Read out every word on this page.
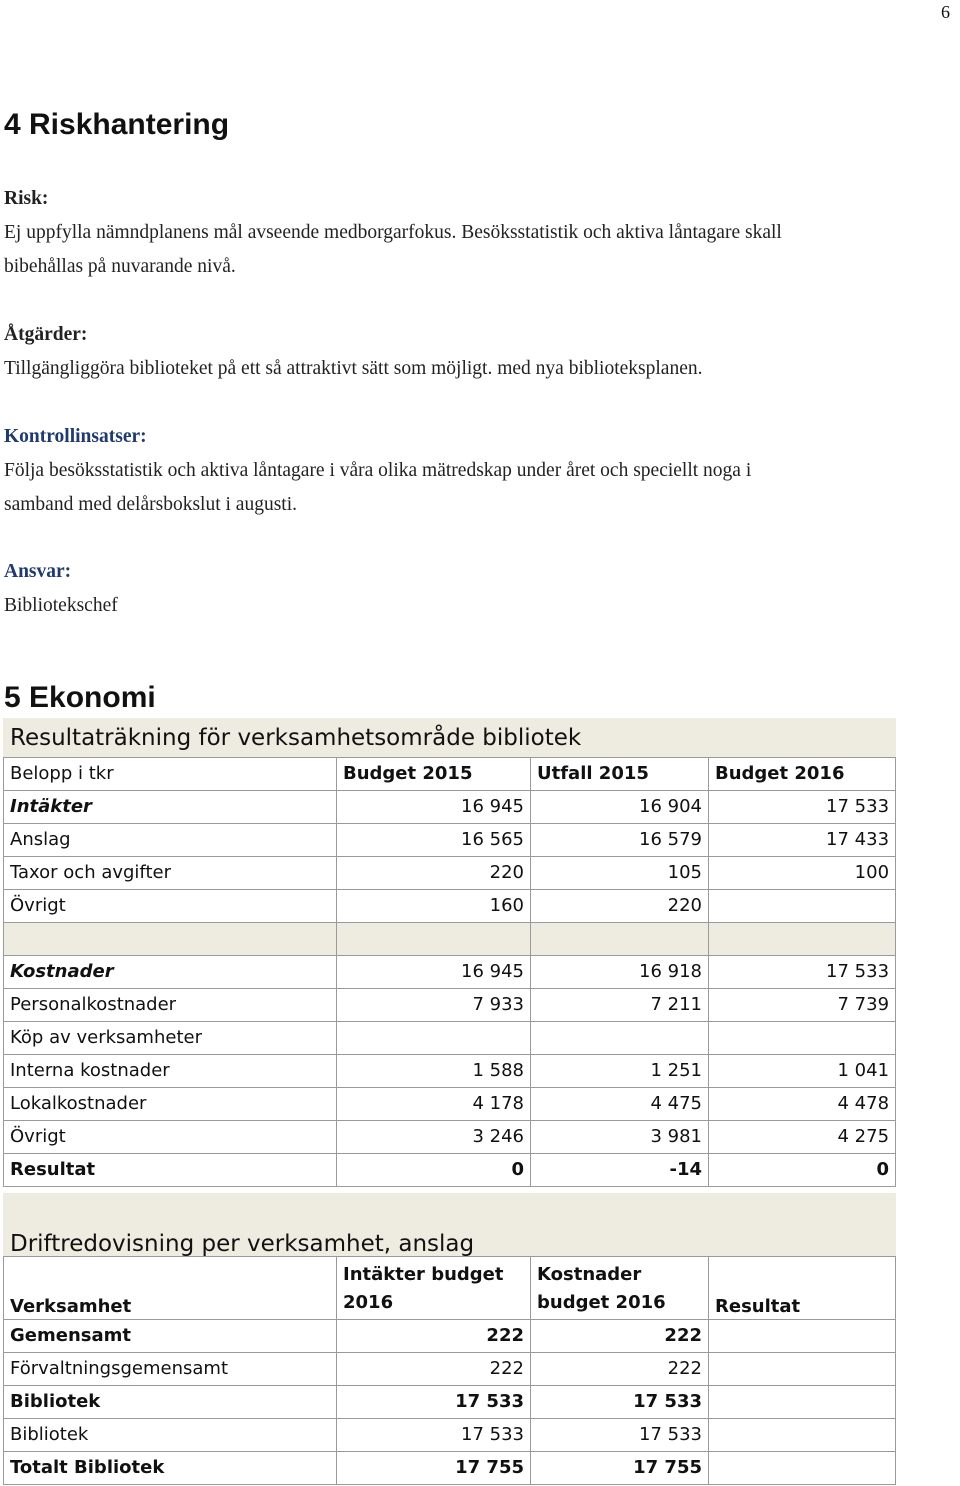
6
4 Riskhantering
Risk:
Ej uppfylla nämndplanens mål avseende medborgarfokus. Besöksstatistik och aktiva låntagare skall
bibehållas på nuvarande nivå.
Åtgärder:
Tillgängliggöra biblioteket på ett så attraktivt sätt som möjligt. med nya biblioteksplanen.
Kontrollinsatser:
Följa besöksstatistik och aktiva låntagare i våra olika mätredskap under året och speciellt noga i
samband med delårsbokslut i augusti.
Ansvar:
Bibliotekschef
5 Ekonomi
Resultaträkning för verksamhetsområde bibliotek			
Belopp i tkr	Budget 2015	Utfall 2015	Budget 2016
Intäkter	16 945	16 904	17 533
Anslag	16 565	16 579	17 433
Taxor och avgifter	220	105	100
Övrigt	160	220	

Kostnader	16 945	16 918	17 533
Personalkostnader	7 933	7 211	7 739
Köp av verksamheter			
Interna kostnader	1 588	1 251	1 041
Lokalkostnader	4 178	4 475	4 478
Övrigt	3 246	3 981	4 275
Resultat	0	-14	0
Driftredovisning per verksamhet, anslag			
Verksamhet	Intäkter budget 2016	Kostnader budget 2016	Resultat
Gemensamt	222	222	
Förvaltningsgemensamt	222	222	
Bibliotek	17 533	17 533	
Bibliotek	17 533	17 533	
Totalt Bibliotek	17 755	17 755	
